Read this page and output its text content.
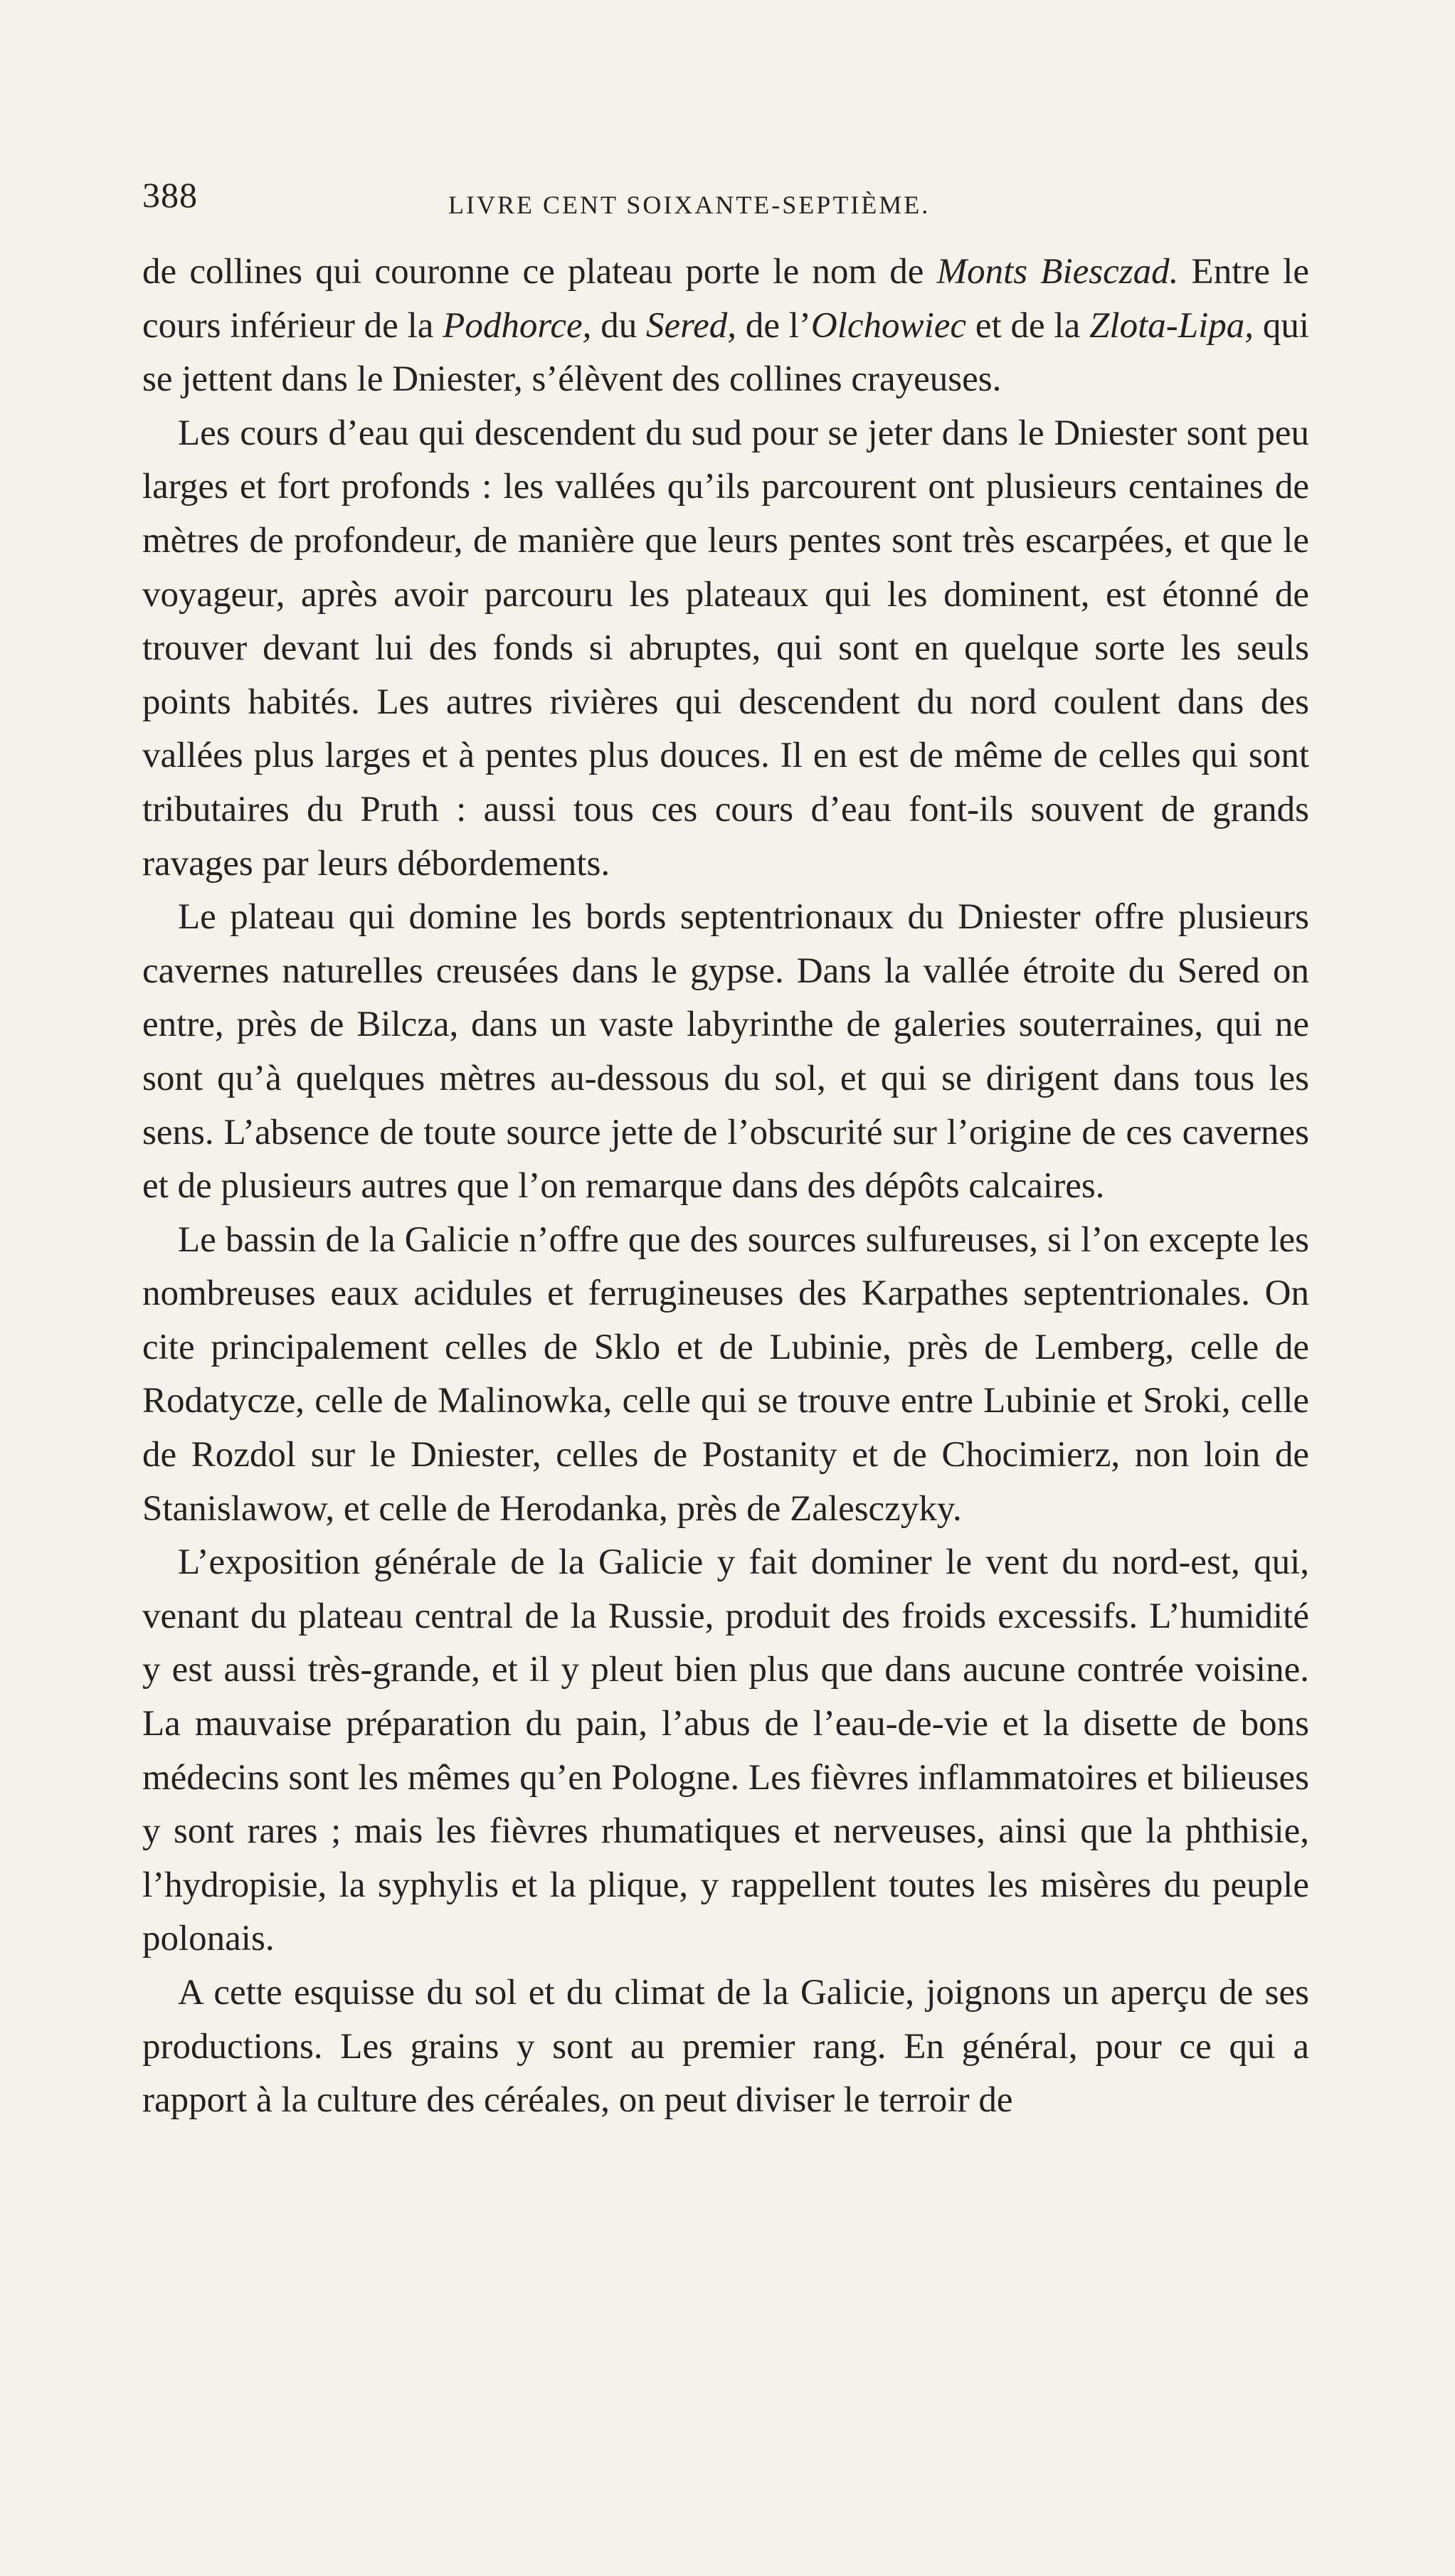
388	LIVRE CENT SOIXANTE-SEPTIÈME.

de collines qui couronne ce plateau porte le nom de Monts Biesczad. Entre le cours inférieur de la Podhorce, du Sered, de l’Olchowiec et de la Zlota-Lipa, qui se jettent dans le Dniester, s’élèvent des collines crayeuses.

Les cours d’eau qui descendent du sud pour se jeter dans le Dniester sont peu larges et fort profonds : les vallées qu’ils parcourent ont plusieurs centaines de mètres de profondeur, de manière que leurs pentes sont très escarpées, et que le voyageur, après avoir parcouru les plateaux qui les dominent, est étonné de trouver devant lui des fonds si abruptes, qui sont en quelque sorte les seuls points habités. Les autres rivières qui descendent du nord coulent dans des vallées plus larges et à pentes plus douces. Il en est de même de celles qui sont tributaires du Pruth : aussi tous ces cours d’eau font-ils souvent de grands ravages par leurs débordements.

Le plateau qui domine les bords septentrionaux du Dniester offre plusieurs cavernes naturelles creusées dans le gypse. Dans la vallée étroite du Sered on entre, près de Bilcza, dans un vaste labyrinthe de galeries souterraines, qui ne sont qu’à quelques mètres au-dessous du sol, et qui se dirigent dans tous les sens. L’absence de toute source jette de l’obscurité sur l’origine de ces cavernes et de plusieurs autres que l’on remarque dans des dépôts calcaires.

Le bassin de la Galicie n’offre que des sources sulfureuses, si l’on excepte les nombreuses eaux acidules et ferrugineuses des Karpathes septentrionales. On cite principalement celles de Sklo et de Lubinie, près de Lemberg, celle de Rodatycze, celle de Malinowka, celle qui se trouve entre Lubinie et Sroki, celle de Rozdol sur le Dniester, celles de Postanity et de Chocimierz, non loin de Stanislawow, et celle de Herodanka, près de Zalesczyky.

L’exposition générale de la Galicie y fait dominer le vent du nord-est, qui, venant du plateau central de la Russie, produit des froids excessifs. L’humidité y est aussi très-grande, et il y pleut bien plus que dans aucune contrée voisine. La mauvaise préparation du pain, l’abus de l’eau-de-vie et la disette de bons médecins sont les mêmes qu’en Pologne. Les fièvres inflammatoires et bilieuses y sont rares ; mais les fièvres rhumatiques et nerveuses, ainsi que la phthisie, l’hydropisie, la syphylis et la plique, y rappellent toutes les misères du peuple polonais.

A cette esquisse du sol et du climat de la Galicie, joignons un aperçu de ses productions. Les grains y sont au premier rang. En général, pour ce qui a rapport à la culture des céréales, on peut diviser le terroir de
